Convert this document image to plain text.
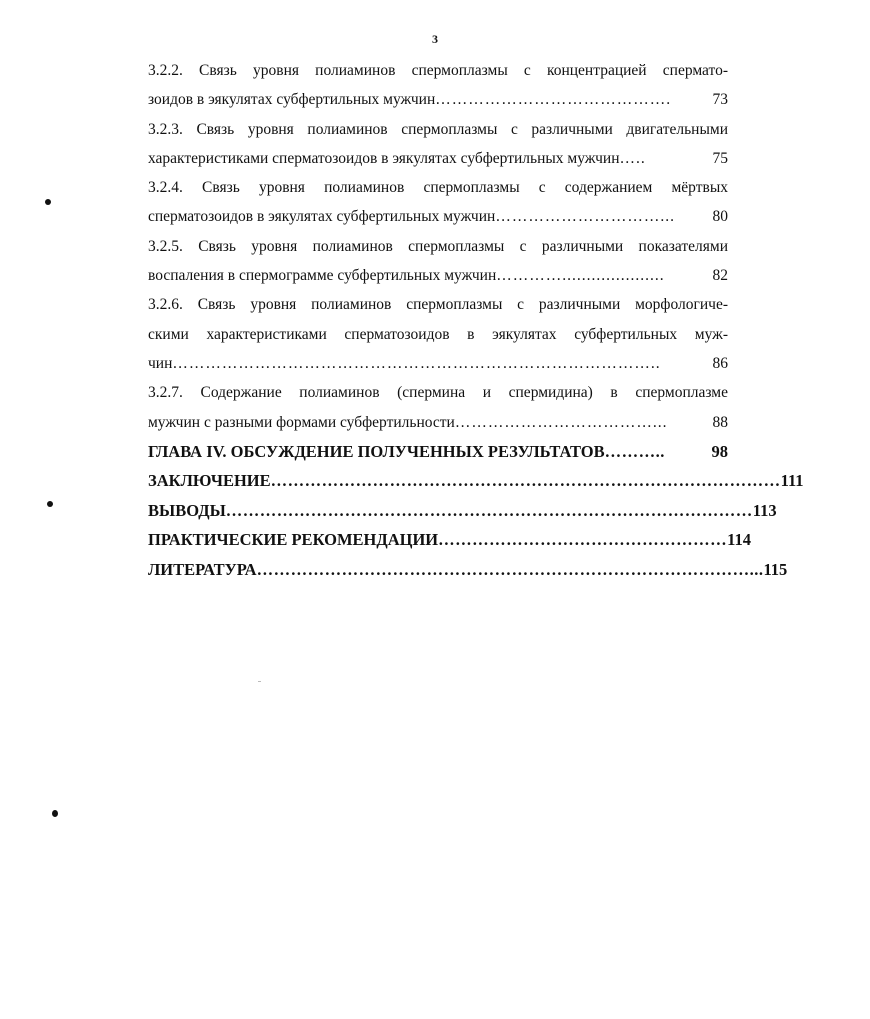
3
3.2.2. Связь уровня полиаминов спермоплазмы с концентрацией спермато-
зоидов в эякулятах субфертильных мужчин …………………………………….	73
3.2.3. Связь уровня полиаминов спермоплазмы с различными двигательными
характеристиками сперматозоидов в эякулятах субфертильных мужчин …..	75
3.2.4. Связь уровня полиаминов спермоплазмы с содержанием мёртвых
сперматозоидов в эякулятах субфертильных мужчин …………………………...	80
3.2.5. Связь уровня полиаминов спермоплазмы с различными показателями
воспаления в спермограмме субфертильных мужчин ………….....................	82
3.2.6. Связь уровня полиаминов спермоплазмы с различными морфологиче-
скими характеристиками сперматозоидов в эякулятах субфертильных муж-
чин ……………………………………………………………………………..	86
3.2.7. Содержание полиаминов (спермина и спермидина) в спермоплазме
мужчин с разными формами субфертильности ………………………………...	88
ГЛАВА IV. ОБСУЖДЕНИЕ ПОЛУЧЕННЫХ РЕЗУЛЬТАТОВ ………..	98
ЗАКЛЮЧЕНИЕ ……………………………………………………………………………… 111
ВЫВОДЫ ………………………………………………………………………………… 113
ПРАКТИЧЕСКИЕ РЕКОМЕНДАЦИИ …………………………………………… 114
ЛИТЕРАТУРА ……………………………………………………………………………... 115
